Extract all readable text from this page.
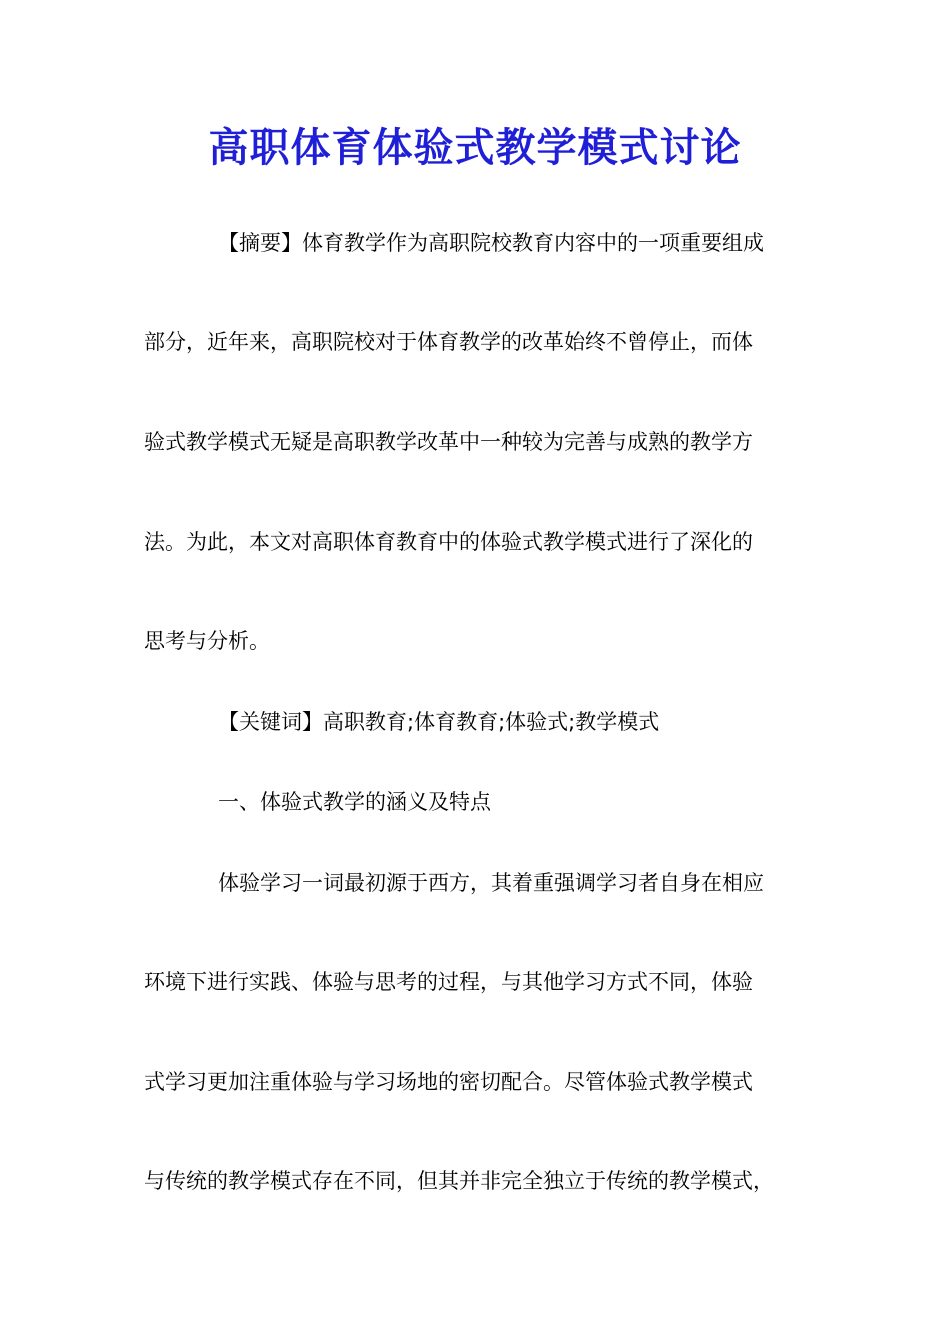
高职体育体验式教学模式讨论

【摘要】体育教学作为高职院校教育内容中的一项重要组成

部分，近年来，高职院校对于体育教学的改革始终不曾停止，而体

验式教学模式无疑是高职教学改革中一种较为完善与成熟的教学方

法。为此，本文对高职体育教育中的体验式教学模式进行了深化的

思考与分析。

【关键词】高职教育;体育教育;体验式;教学模式

一、体验式教学的涵义及特点

体验学习一词最初源于西方，其着重强调学习者自身在相应

环境下进行实践、体验与思考的过程，与其他学习方式不同，体验

式学习更加注重体验与学习场地的密切配合。尽管体验式教学模式

与传统的教学模式存在不同，但其并非完全独立于传统的教学模式，
